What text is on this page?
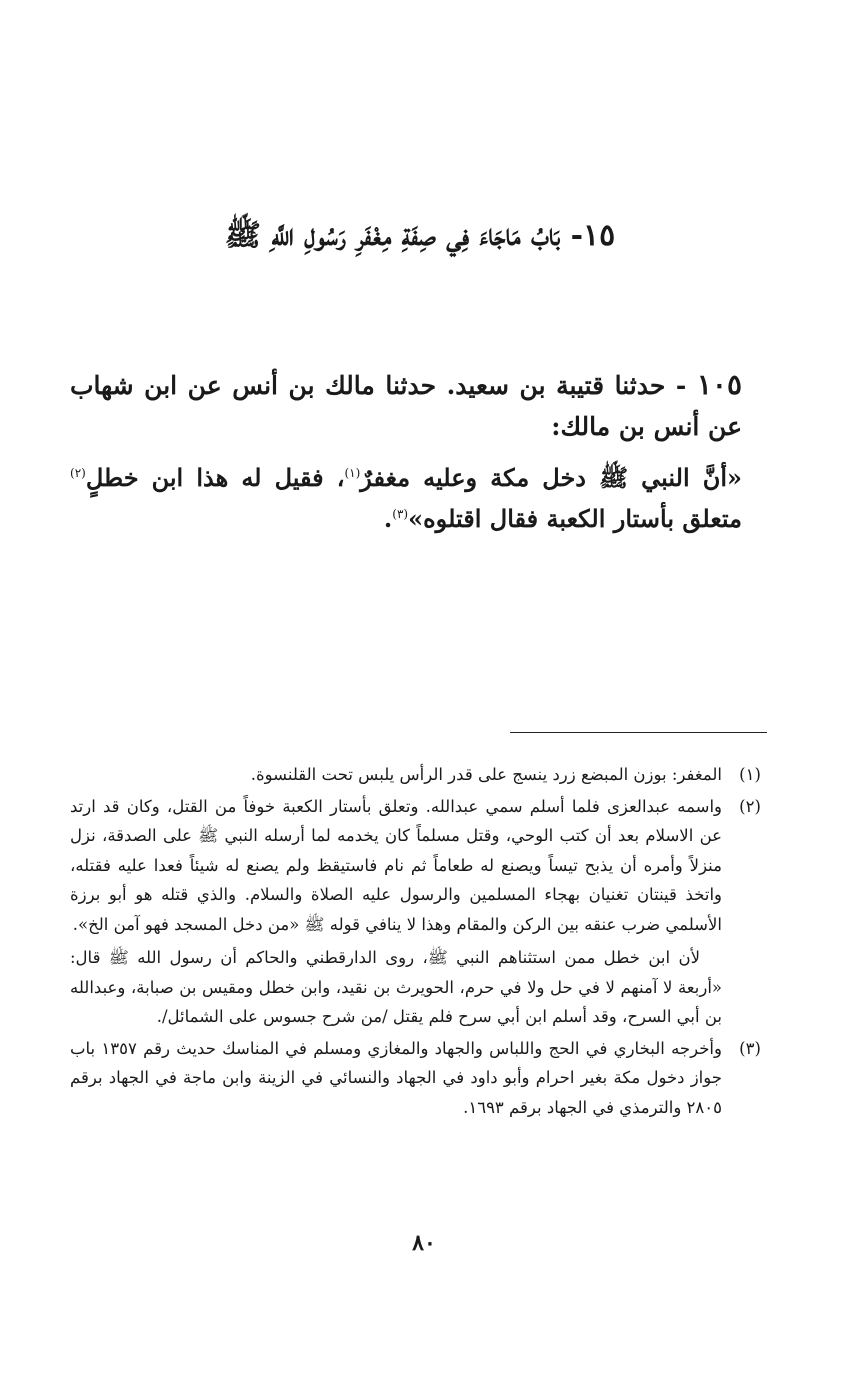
١٥- بَابُ مَاجَاءَ فِي صِفَةِ مِغْفَرِ رَسُولِ اللَّهِ ﷺ

١٠٥ - حدثنا قتيبة بن سعيد. حدثنا مالك بن أنس عن ابن شهاب عن أنس بن مالك:

«أنَّ النبي ﷺ دخل مكة وعليه مغفرٌ$^{(١)}$، فقيل له هذا ابن خطلٍ$^{(٢)}$ متعلق بأستار الكعبة فقال اقتلوه»$^{(٣)}$.

(١)

المغفر: بوزن المبضع زرد ينسج على قدر الرأس يلبس تحت القلنسوة.

(٢)

واسمه عبدالعزى فلما أسلم سمي عبدالله. وتعلق بأستار الكعبة خوفاً من القتل، وكان قد ارتد عن الاسلام بعد أن كتب الوحي، وقتل مسلماً كان يخدمه لما أرسله النبي ﷺ على الصدقة، نزل منزلاً وأمره أن يذبح تيساً ويصنع له طعاماً ثم نام فاستيقظ ولم يصنع له شيئاً فعدا عليه فقتله، واتخذ قينتان تغنيان بهجاء المسلمين والرسول عليه الصلاة والسلام. والذي قتله هو أبو برزة الأسلمي ضرب عنقه بين الركن والمقام وهذا لا ينافي قوله ﷺ «من دخل المسجد فهو آمن الخ».

لأن ابن خطل ممن استثناهم النبي ﷺ، روى الدارقطني والحاكم أن رسول الله ﷺ قال: «أربعة لا آمنهم لا في حل ولا في حرم، الحويرث بن نقيد، وابن خطل ومقيس بن صبابة، وعبدالله بن أبي السرح، وقد أسلم ابن أبي سرح فلم يقتل /من شرح جسوس على الشمائل/.

(٣)

وأخرجه البخاري في الحج واللباس والجهاد والمغازي ومسلم في المناسك حديث رقم ١٣٥٧ باب جواز دخول مكة بغير احرام وأبو داود في الجهاد والنسائي في الزينة وابن ماجة في الجهاد برقم ٢٨٠٥ والترمذي في الجهاد برقم ١٦٩٣.

٨٠
